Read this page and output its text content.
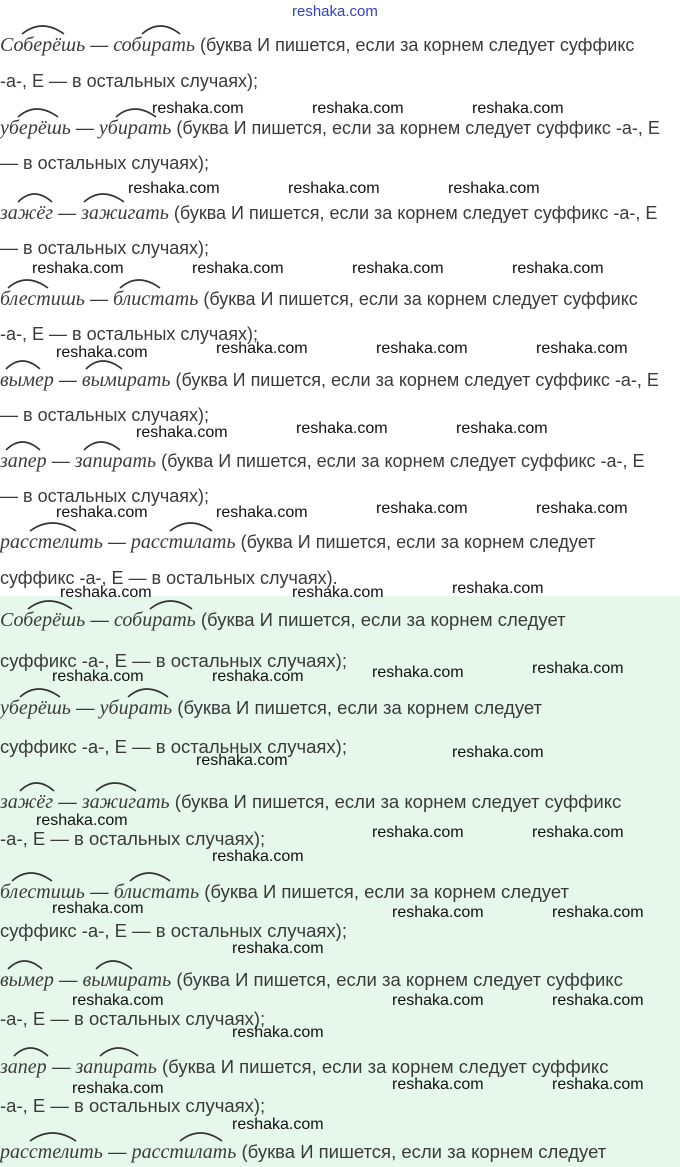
Соберёшь — собирать (буква И пишется, если за корнем следует суффикс
-а-, Е — в остальных случаях);
уберёшь — убирать (буква И пишется, если за корнем следует суффикс -а-, Е
— в остальных случаях);
зажёг — зажигать (буква И пишется, если за корнем следует суффикс -а-, Е
— в остальных случаях);
блестишь — блистать (буква И пишется, если за корнем следует суффикс
-а-, Е — в остальных случаях);
вымер — вымирать (буква И пишется, если за корнем следует суффикс -а-, Е
— в остальных случаях);
запер — запирать (буква И пишется, если за корнем следует суффикс -а-, Е
— в остальных случаях);
расстелить — расстилать (буква И пишется, если за корнем следует
суффикс -а-, Е — в остальных случаях).
Соберёшь — собирать (буква И пишется, если за корнем следует
суффикс -а-, Е — в остальных случаях);
уберёшь — убирать (буква И пишется, если за корнем следует
суффикс -а-, Е — в остальных случаях);
зажёг — зажигать (буква И пишется, если за корнем следует суффикс
-а-, Е — в остальных случаях);
блестишь — блистать (буква И пишется, если за корнем следует
суффикс -а-, Е — в остальных случаях);
вымер — вымирать (буква И пишется, если за корнем следует суффикс
-а-, Е — в остальных случаях);
запер — запирать (буква И пишется, если за корнем следует суффикс
-а-, Е — в остальных случаях);
расстелить — расстилать (буква И пишется, если за корнем следует
reshaka.com
reshaka.com	reshaka.com	reshaka.com
reshaka.com	reshaka.com	reshaka.com
reshaka.com	reshaka.com	reshaka.com	reshaka.com
reshaka.com	reshaka.com	reshaka.com	reshaka.com
reshaka.com	reshaka.com	reshaka.com
reshaka.com	reshaka.com	reshaka.com	reshaka.com
reshaka.com	reshaka.com	reshaka.com
reshaka.com	reshaka.com	reshaka.com	reshaka.com
reshaka.com	reshaka.com
reshaka.com
reshaka.com	reshaka.com
reshaka.com
reshaka.com	reshaka.com	reshaka.com
reshaka.com
reshaka.com	reshaka.com	reshaka.com
reshaka.com
reshaka.com	reshaka.com	reshaka.com
reshaka.com
